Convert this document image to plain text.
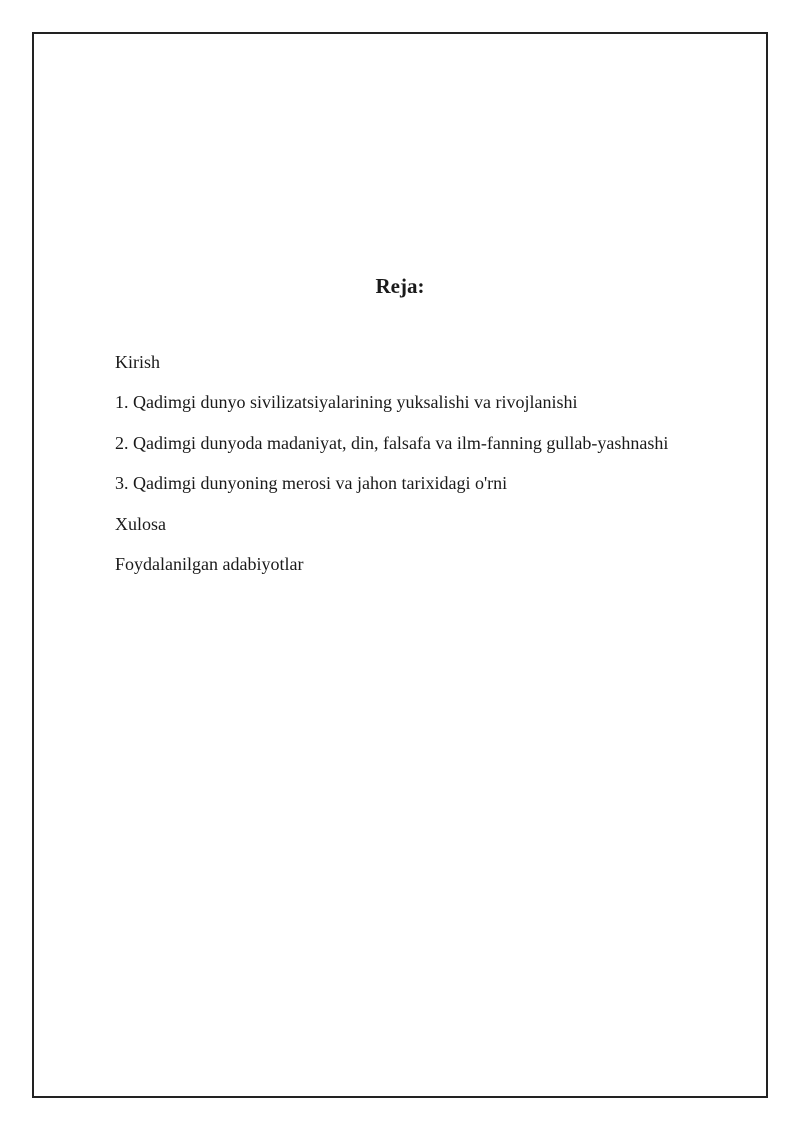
Reja:
Kirish
1. Qadimgi dunyo sivilizatsiyalarining yuksalishi va rivojlanishi
2. Qadimgi dunyoda madaniyat, din, falsafa va ilm-fanning gullab-yashnashi
3. Qadimgi dunyoning merosi va jahon tarixidagi o'rni
Xulosa
Foydalanilgan adabiyotlar
